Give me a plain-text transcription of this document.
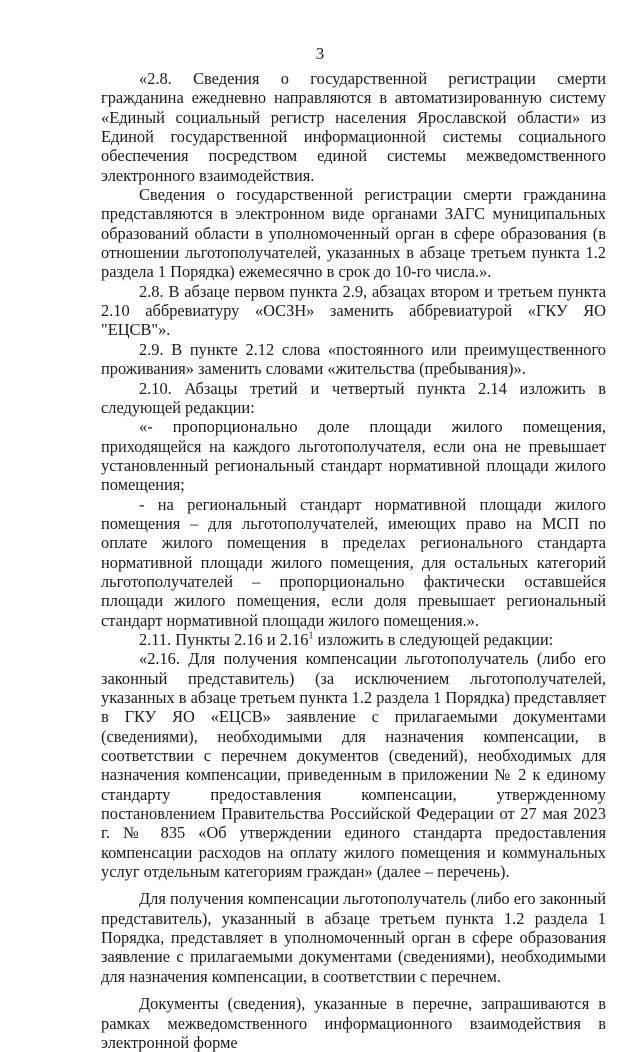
3

«2.8. Сведения о государственной регистрации смерти гражданина ежедневно направляются в автоматизированную систему «Единый социальный регистр населения Ярославской области» из Единой государственной информационной системы социального обеспечения посредством единой системы межведомственного электронного взаимодействия.

Сведения о государственной регистрации смерти гражданина представляются в электронном виде органами ЗАГС муниципальных образований области в уполномоченный орган в сфере образования (в отношении льготополучателей, указанных в абзаце третьем пункта 1.2 раздела 1 Порядка) ежемесячно в срок до 10-го числа.».

2.8. В абзаце первом пункта 2.9, абзацах втором и третьем пункта 2.10 аббревиатуру «ОСЗН» заменить аббревиатурой «ГКУ ЯО "ЕЦСВ"».

2.9. В пункте 2.12 слова «постоянного или преимущественного проживания» заменить словами «жительства (пребывания)».

2.10. Абзацы третий и четвертый пункта 2.14 изложить в следующей редакции:

«- пропорционально доле площади жилого помещения, приходящейся на каждого льготополучателя, если она не превышает установленный региональный стандарт нормативной площади жилого помещения;

- на региональный стандарт нормативной площади жилого помещения – для льготополучателей, имеющих право на МСП по оплате жилого помещения в пределах регионального стандарта нормативной площади жилого помещения, для остальных категорий льготополучателей – пропорционально фактически оставшейся площади жилого помещения, если доля превышает региональный стандарт нормативной площади жилого помещения.».

2.11. Пункты 2.16 и 2.16$^1$ изложить в следующей редакции:

«2.16. Для получения компенсации льготополучатель (либо его законный представитель) (за исключением льготополучателей, указанных в абзаце третьем пункта 1.2 раздела 1 Порядка) представляет в ГКУ ЯО «ЕЦСВ» заявление с прилагаемыми документами (сведениями), необходимыми для назначения компенсации, в соответствии с перечнем документов (сведений), необходимых для назначения компенсации, приведенным в приложении № 2 к единому стандарту предоставления компенсации, утвержденному постановлением Правительства Российской Федерации от 27 мая 2023 г. № 835 «Об утверждении единого стандарта предоставления компенсации расходов на оплату жилого помещения и коммунальных услуг отдельным категориям граждан» (далее – перечень).

Для получения компенсации льготополучатель (либо его законный представитель), указанный в абзаце третьем пункта 1.2 раздела 1 Порядка, представляет в уполномоченный орган в сфере образования заявление с прилагаемыми документами (сведениями), необходимыми для назначения компенсации, в соответствии с перечнем.

Документы (сведения), указанные в перечне, запрашиваются в рамках межведомственного информационного взаимодействия в электронной форме
